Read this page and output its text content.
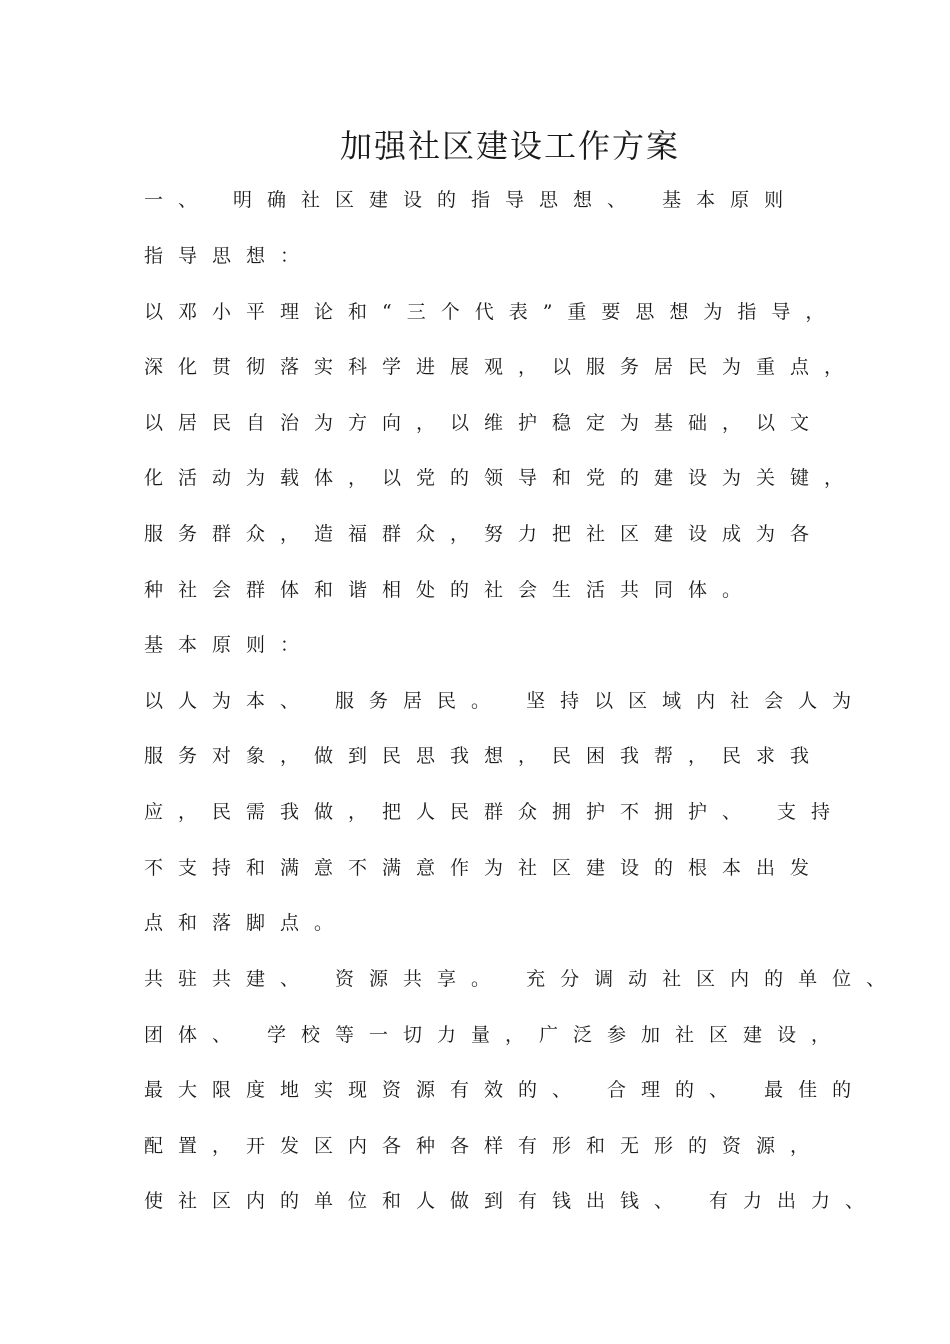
加强社区建设工作方案
一、 明确社区建设的指导思想、 基本原则
指导思想：
以邓小平理论和“三个代表”重要思想为指导，
深化贯彻落实科学进展观，以服务居民为重点，
以居民自治为方向，以维护稳定为基础，以文
化活动为载体，以党的领导和党的建设为关键，
服务群众，造福群众，努力把社区建设成为各
种社会群体和谐相处的社会生活共同体。
基本原则：
以人为本、 服务居民。 坚持以区域内社会人为
服务对象，做到民思我想，民困我帮，民求我
应，民需我做，把人民群众拥护不拥护、 支持
不支持和满意不满意作为社区建设的根本出发
点和落脚点。
共驻共建、 资源共享。 充分调动社区内的单位、
团体、 学校等一切力量，广泛参加社区建设，
最大限度地实现资源有效的、 合理的、 最佳的
配置，开发区内各种各样有形和无形的资源，
使社区内的单位和人做到有钱出钱、 有力出力、
